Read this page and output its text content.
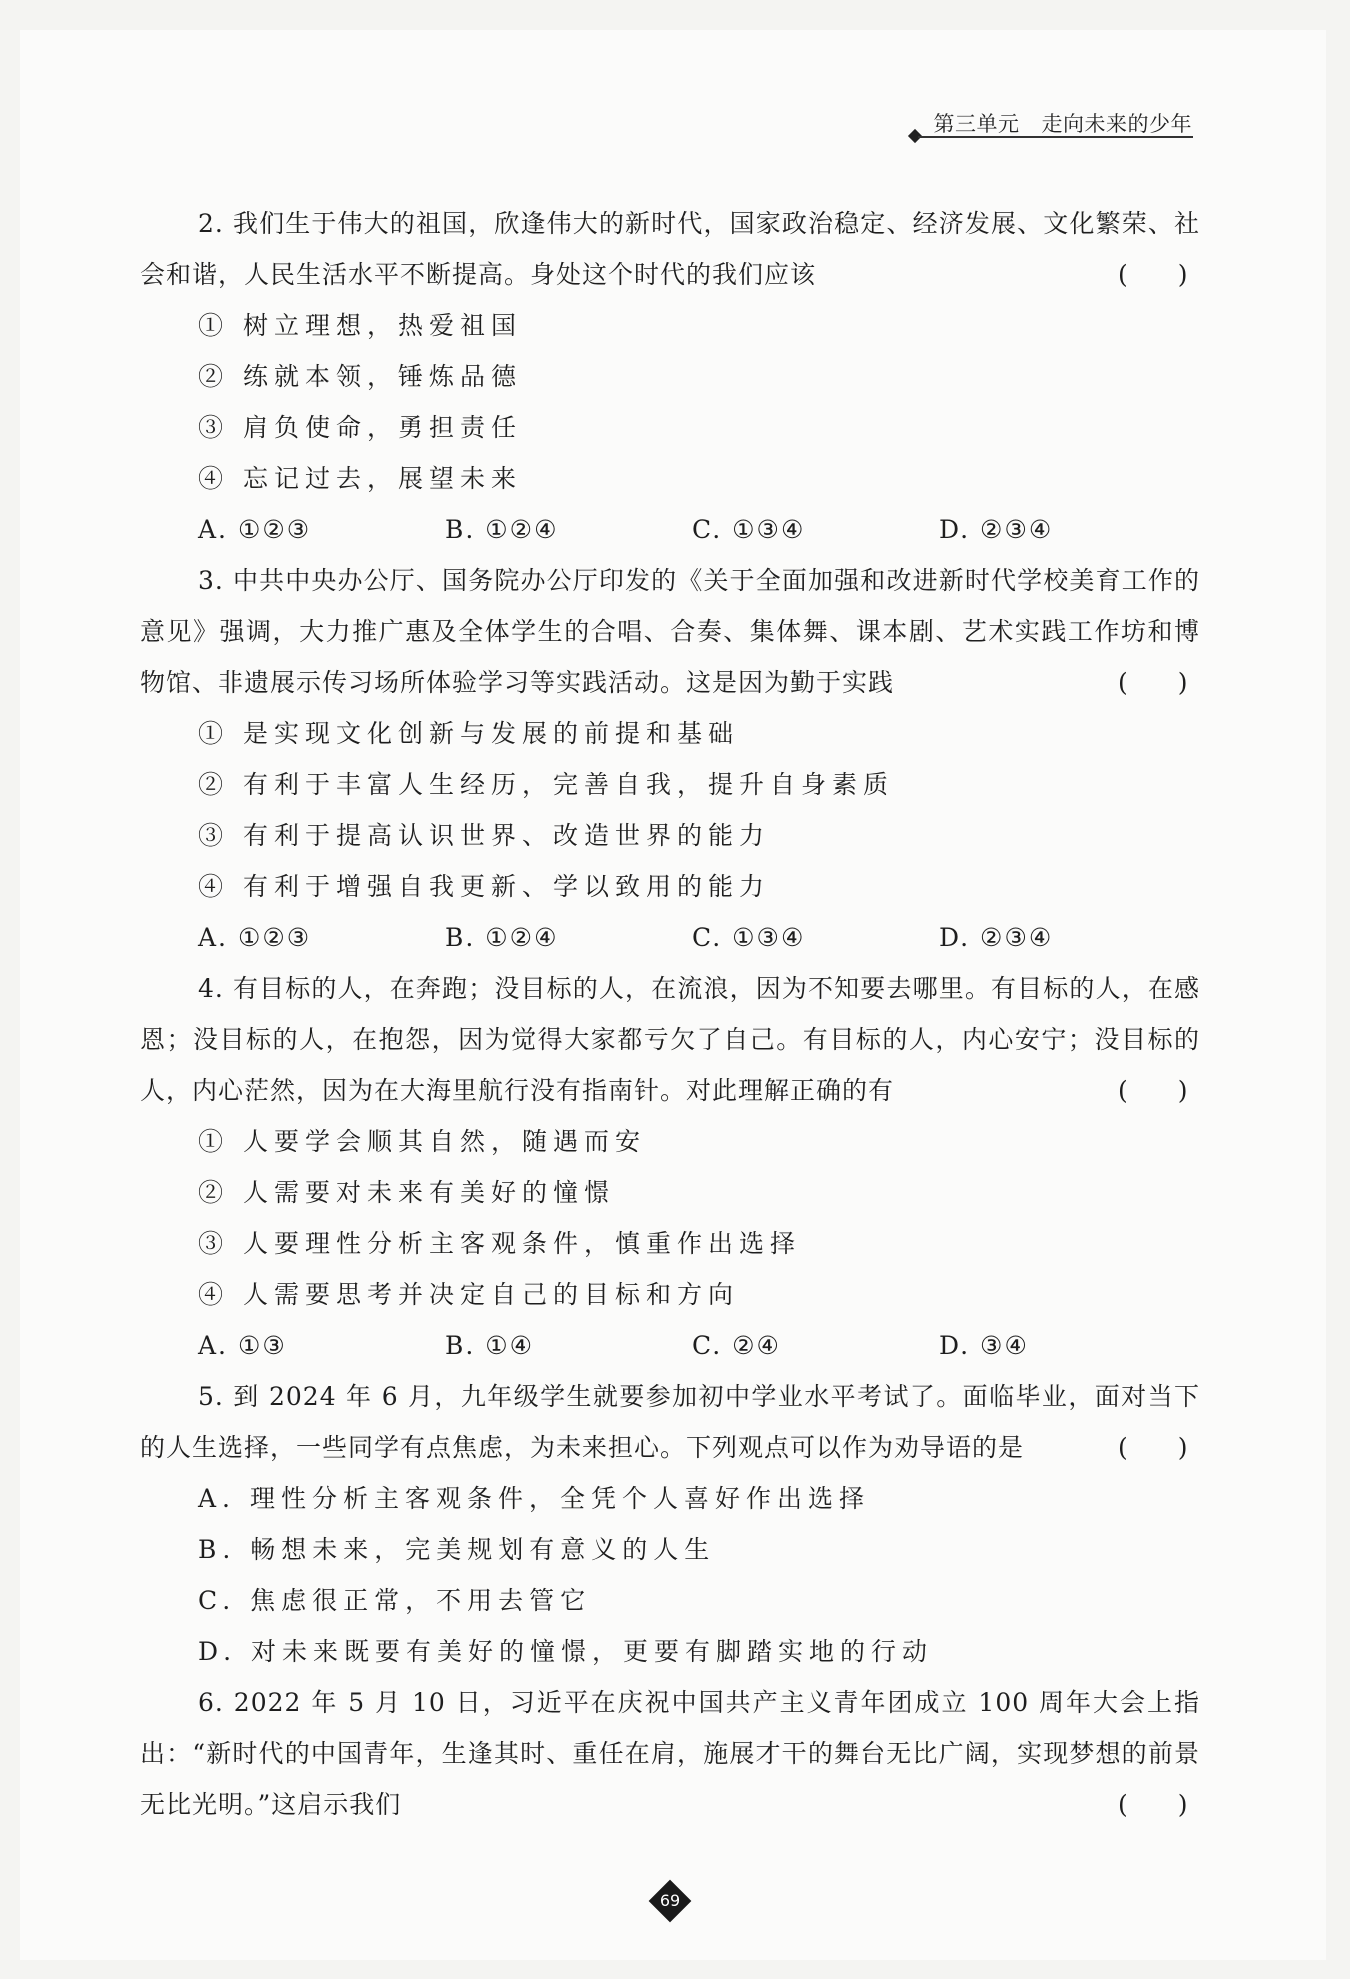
第三单元 走向未来的少年

2. 我们生于伟大的祖国，欣逢伟大的新时代，国家政治稳定、经济发展、文化繁荣、社会和谐，人民生活水平不断提高。身处这个时代的我们应该	(　　)

① 树立理想，热爱祖国

② 练就本领，锤炼品德

③ 肩负使命，勇担责任

④ 忘记过去，展望未来

A. ①②③	B. ①②④	C. ①③④	D. ②③④

3. 中共中央办公厅、国务院办公厅印发的《关于全面加强和改进新时代学校美育工作的意见》强调，大力推广惠及全体学生的合唱、合奏、集体舞、课本剧、艺术实践工作坊和博物馆、非遗展示传习场所体验学习等实践活动。这是因为勤于实践	(　　)

① 是实现文化创新与发展的前提和基础

② 有利于丰富人生经历，完善自我，提升自身素质

③ 有利于提高认识世界、改造世界的能力

④ 有利于增强自我更新、学以致用的能力

A. ①②③	B. ①②④	C. ①③④	D. ②③④

4. 有目标的人，在奔跑；没目标的人，在流浪，因为不知要去哪里。有目标的人，在感恩；没目标的人，在抱怨，因为觉得大家都亏欠了自己。有目标的人，内心安宁；没目标的人，内心茫然，因为在大海里航行没有指南针。对此理解正确的有	(　　)

① 人要学会顺其自然，随遇而安

② 人需要对未来有美好的憧憬

③ 人要理性分析主客观条件，慎重作出选择

④ 人需要思考并决定自己的目标和方向

A. ①③	B. ①④	C. ②④	D. ③④

5. 到 2024 年 6 月，九年级学生就要参加初中学业水平考试了。面临毕业，面对当下的人生选择，一些同学有点焦虑，为未来担心。下列观点可以作为劝导语的是	(　　)

A. 理性分析主客观条件，全凭个人喜好作出选择

B. 畅想未来，完美规划有意义的人生

C. 焦虑很正常，不用去管它

D. 对未来既要有美好的憧憬，更要有脚踏实地的行动

6. 2022 年 5 月 10 日，习近平在庆祝中国共产主义青年团成立 100 周年大会上指出：“新时代的中国青年，生逢其时、重任在肩，施展才干的舞台无比广阔，实现梦想的前景无比光明。”这启示我们	(　　)

69
